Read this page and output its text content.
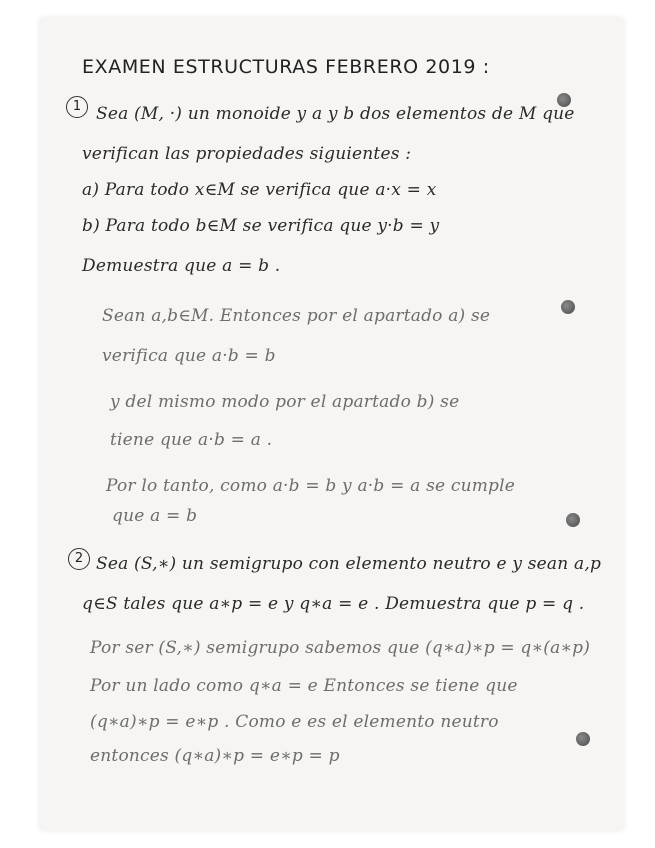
EXAMEN ESTRUCTURAS FEBRERO 2019 :
1 Sea (M, ·) un monoide y a y b dos elementos de M que
verifican las propiedades siguientes :
a) Para todo x∈M se verifica que a·x = x
b) Para todo b∈M se verifica que y·b = y
Demuestra que a = b .
Sean a,b∈M. Entonces por el apartado a) se
verifica que a·b = b
y del mismo modo por el apartado b) se
tiene que a·b = a .
Por lo tanto, como a·b = b y a·b = a se cumple
que a = b
2 Sea (S,∗) un semigrupo con elemento neutro e y sean a,p
q∈S tales que a∗p = e y q∗a = e . Demuestra que p = q .
Por ser (S,∗) semigrupo sabemos que (q∗a)∗p = q∗(a∗p)
Por un lado como q∗a = e Entonces se tiene que
(q∗a)∗p = e∗p . Como e es el elemento neutro
entonces (q∗a)∗p = e∗p = p
